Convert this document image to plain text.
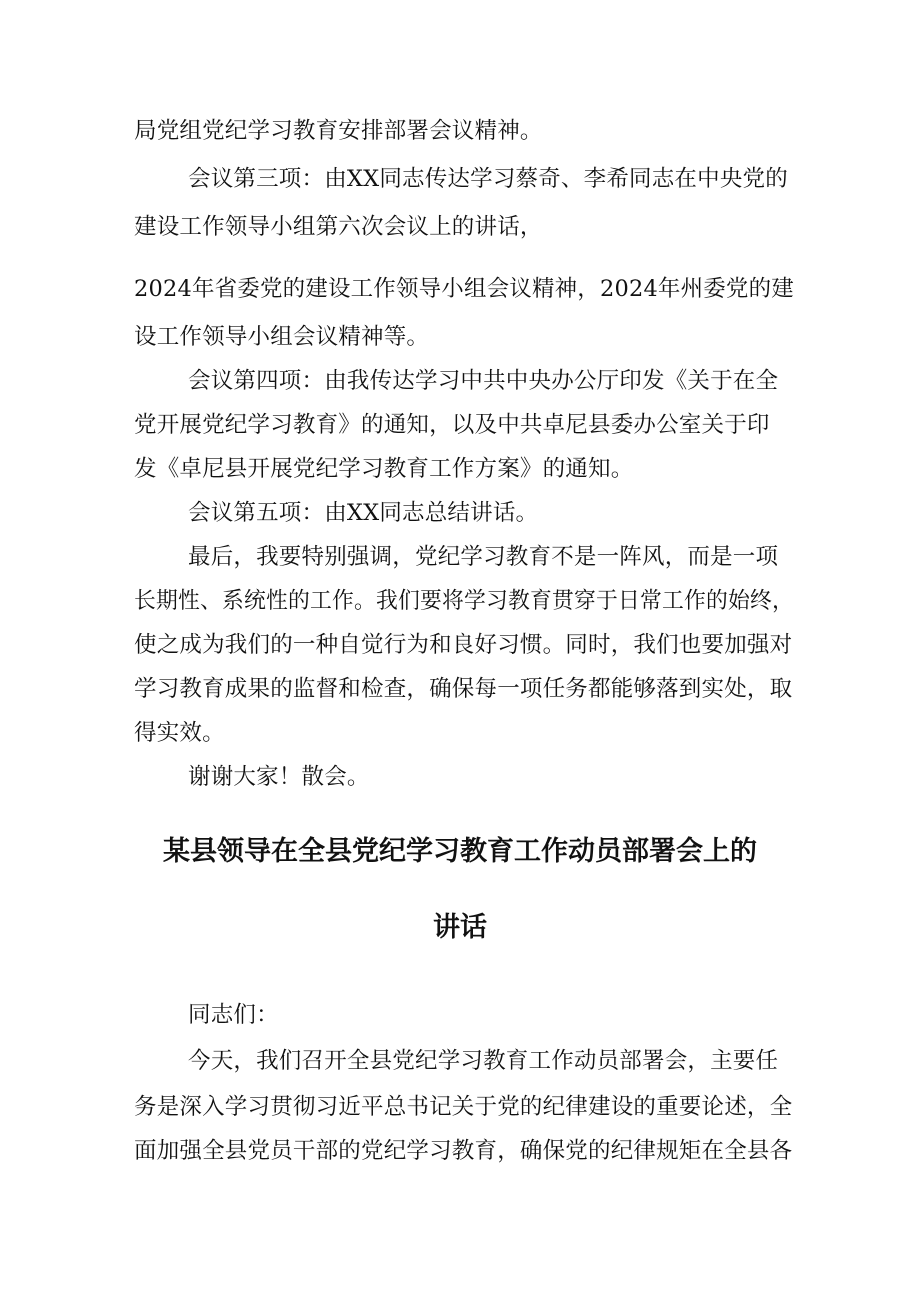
局党组党纪学习教育安排部署会议精神。
会议第三项：由XX同志传达学习蔡奇、李希同志在中央党的
建设工作领导小组第六次会议上的讲话，
2024年省委党的建设工作领导小组会议精神，2024年州委党的建
设工作领导小组会议精神等。
会议第四项：由我传达学习中共中央办公厅印发《关于在全
党开展党纪学习教育》的通知，以及中共卓尼县委办公室关于印
发《卓尼县开展党纪学习教育工作方案》的通知。
会议第五项：由XX同志总结讲话。
最后，我要特别强调，党纪学习教育不是一阵风，而是一项
长期性、系统性的工作。我们要将学习教育贯穿于日常工作的始终，
使之成为我们的一种自觉行为和良好习惯。同时，我们也要加强对
学习教育成果的监督和检查，确保每一项任务都能够落到实处，取
得实效。
谢谢大家！散会。
某县领导在全县党纪学习教育工作动员部署会上的
讲话
同志们：
今天，我们召开全县党纪学习教育工作动员部署会，主要任
务是深入学习贯彻习近平总书记关于党的纪律建设的重要论述，全
面加强全县党员干部的党纪学习教育，确保党的纪律规矩在全县各
